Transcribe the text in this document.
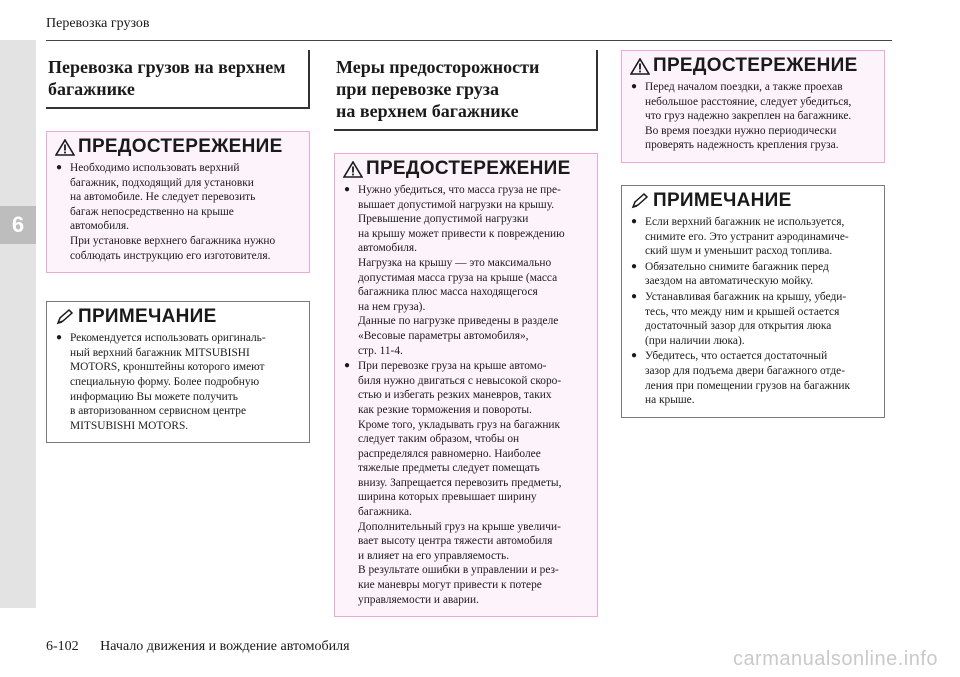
6
Перевозка грузов
Перевозка грузов на верхнем
багажнике
ПРЕДОСТЕРЕЖЕНИЕ
● Необходимо использовать верхний
багажник, подходящий для установки
на автомобиле. Не следует перевозить
багаж непосредственно на крыше
автомобиля.
При установке верхнего багажника нужно
соблюдать инструкцию его изготовителя.
ПРИМЕЧАНИЕ
● Рекомендуется использовать оригиналь-
ный верхний багажник MITSUBISHI
MOTORS, кронштейны которого имеют
специальную форму. Более подробную
информацию Вы можете получить
в авторизованном сервисном центре
MITSUBISHI MOTORS.
Меры предосторожности
при перевозке груза
на верхнем багажнике
ПРЕДОСТЕРЕЖЕНИЕ
● Нужно убедиться, что масса груза не пре-
вышает допустимой нагрузки на крышу.
Превышение допустимой нагрузки
на крышу может привести к повреждению
автомобиля.
Нагрузка на крышу — это максимально
допустимая масса груза на крыше (масса
багажника плюс масса находящегося
на нем груза).
Данные по нагрузке приведены в разделе
«Весовые параметры автомобиля»,
стр. 11-4.
● При перевозке груза на крыше автомо-
биля нужно двигаться с невысокой скоро-
стью и избегать резких маневров, таких
как резкие торможения и повороты.
Кроме того, укладывать груз на багажник
следует таким образом, чтобы он
распределялся равномерно. Наиболее
тяжелые предметы следует помещать
внизу. Запрещается перевозить предметы,
ширина которых превышает ширину
багажника.
Дополнительный груз на крыше увеличи-
вает высоту центра тяжести автомобиля
и влияет на его управляемость.
В результате ошибки в управлении и рез-
кие маневры могут привести к потере
управляемости и аварии.
ПРЕДОСТЕРЕЖЕНИЕ
● Перед началом поездки, а также проехав
небольшое расстояние, следует убедиться,
что груз надежно закреплен на багажнике.
Во время поездки нужно периодически
проверять надежность крепления груза.
ПРИМЕЧАНИЕ
● Если верхний багажник не используется,
снимите его. Это устранит аэродинамиче-
ский шум и уменьшит расход топлива.
● Обязательно снимите багажник перед
заездом на автоматическую мойку.
● Устанавливая багажник на крышу, убеди-
тесь, что между ним и крышей остается
достаточный зазор для открытия люка
(при наличии люка).
● Убедитесь, что остается достаточный
зазор для подъема двери багажного отде-
ления при помещении грузов на багажник
на крыше.
6-102 Начало движения и вождение автомобиля
carmanualsonline.info
